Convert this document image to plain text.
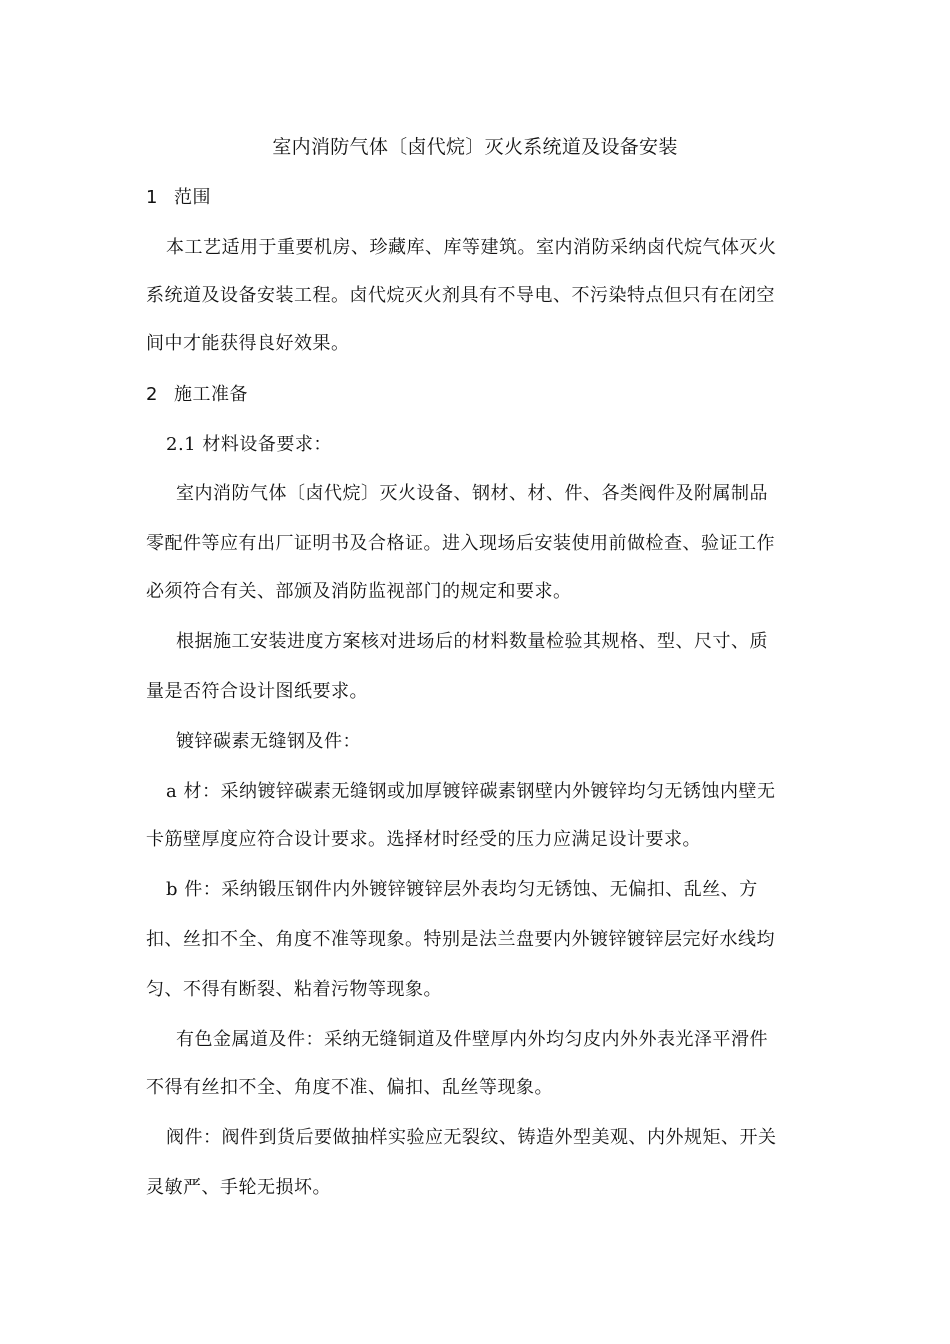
室内消防气体〔卤代烷〕灭火系统道及设备安装
1 范围
本工艺适用于重要机房、珍藏库、库等建筑。室内消防采纳卤代烷气体灭火
系统道及设备安装工程。卤代烷灭火剂具有不导电、不污染特点但只有在闭空
间中才能获得良好效果。
2 施工准备
2.1 材料设备要求：
室内消防气体〔卤代烷〕灭火设备、钢材、材、件、各类阀件及附属制品
零配件等应有出厂证明书及合格证。进入现场后安装使用前做检查、验证工作
必须符合有关、部颁及消防监视部门的规定和要求。
根据施工安装进度方案核对进场后的材料数量检验其规格、型、尺寸、质
量是否符合设计图纸要求。
镀锌碳素无缝钢及件：
a 材：采纳镀锌碳素无缝钢或加厚镀锌碳素钢壁内外镀锌均匀无锈蚀内壁无
卡筋壁厚度应符合设计要求。选择材时经受的压力应满足设计要求。
b 件：采纳锻压钢件内外镀锌镀锌层外表均匀无锈蚀、无偏扣、乱丝、方
扣、丝扣不全、角度不准等现象。特别是法兰盘要内外镀锌镀锌层完好水线均
匀、不得有断裂、粘着污物等现象。
有色金属道及件：采纳无缝铜道及件壁厚内外均匀皮内外外表光泽平滑件
不得有丝扣不全、角度不准、偏扣、乱丝等现象。
阀件：阀件到货后要做抽样实验应无裂纹、铸造外型美观、内外规矩、开关
灵敏严、手轮无损坏。
